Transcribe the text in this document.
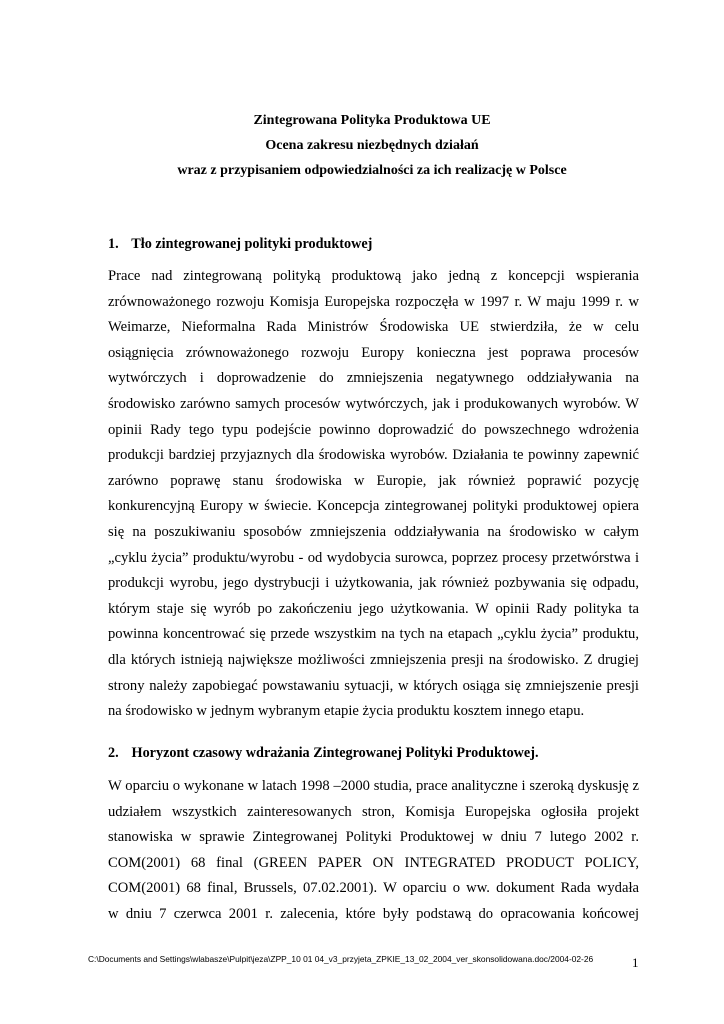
Zintegrowana Polityka Produktowa UE
Ocena zakresu niezbędnych działań
wraz z przypisaniem odpowiedzialności za ich realizację w Polsce
1. Tło zintegrowanej polityki produktowej
Prace nad zintegrowaną polityką produktową jako jedną z koncepcji wspierania
zrównoważonego rozwoju Komisja Europejska rozpoczęła w 1997 r. W maju 1999 r. w
Weimarze, Nieformalna Rada Ministrów Środowiska UE stwierdziła, że w celu
osiągnięcia zrównoważonego rozwoju Europy konieczna jest poprawa procesów
wytwórczych i doprowadzenie do zmniejszenia negatywnego oddziaływania na
środowisko zarówno samych procesów wytwórczych, jak i produkowanych wyrobów. W
opinii Rady tego typu podejście powinno doprowadzić do powszechnego wdrożenia
produkcji bardziej przyjaznych dla środowiska wyrobów. Działania te powinny zapewnić
zarówno poprawę stanu środowiska w Europie, jak również poprawić pozycję
konkurencyjną Europy w świecie. Koncepcja zintegrowanej polityki produktowej opiera
się na poszukiwaniu sposobów zmniejszenia oddziaływania na środowisko w całym
„cyklu życia” produktu/wyrobu - od wydobycia surowca, poprzez procesy przetwórstwa i
produkcji wyrobu, jego dystrybucji i użytkowania, jak również pozbywania się odpadu,
którym staje się wyrób po zakończeniu jego użytkowania. W opinii Rady polityka ta
powinna koncentrować się przede wszystkim na tych na etapach „cyklu życia” produktu,
dla których istnieją największe możliwości zmniejszenia presji na środowisko. Z drugiej
strony należy zapobiegać powstawaniu sytuacji, w których osiąga się zmniejszenie presji
na środowisko w jednym wybranym etapie życia produktu kosztem innego etapu.
2. Horyzont czasowy wdrażania Zintegrowanej Polityki Produktowej.
W oparciu o wykonane w latach 1998 –2000 studia, prace analityczne i szeroką dyskusję z
udziałem wszystkich zainteresowanych stron, Komisja Europejska ogłosiła projekt
stanowiska w sprawie Zintegrowanej Polityki Produktowej w dniu 7 lutego 2002 r.
COM(2001) 68 final (GREEN PAPER ON INTEGRATED PRODUCT POLICY,
COM(2001) 68 final, Brussels, 07.02.2001). W oparciu o ww. dokument Rada wydała
w dniu 7 czerwca 2001 r. zalecenia, które były podstawą do opracowania końcowej
C:\Documents and Settings\wlabasze\Pulpit\jeza\ZPP_10 01 04_v3_przyjeta_ZPKIE_13_02_2004_ver_skonsolidowana.doc/2004-02-26	1
